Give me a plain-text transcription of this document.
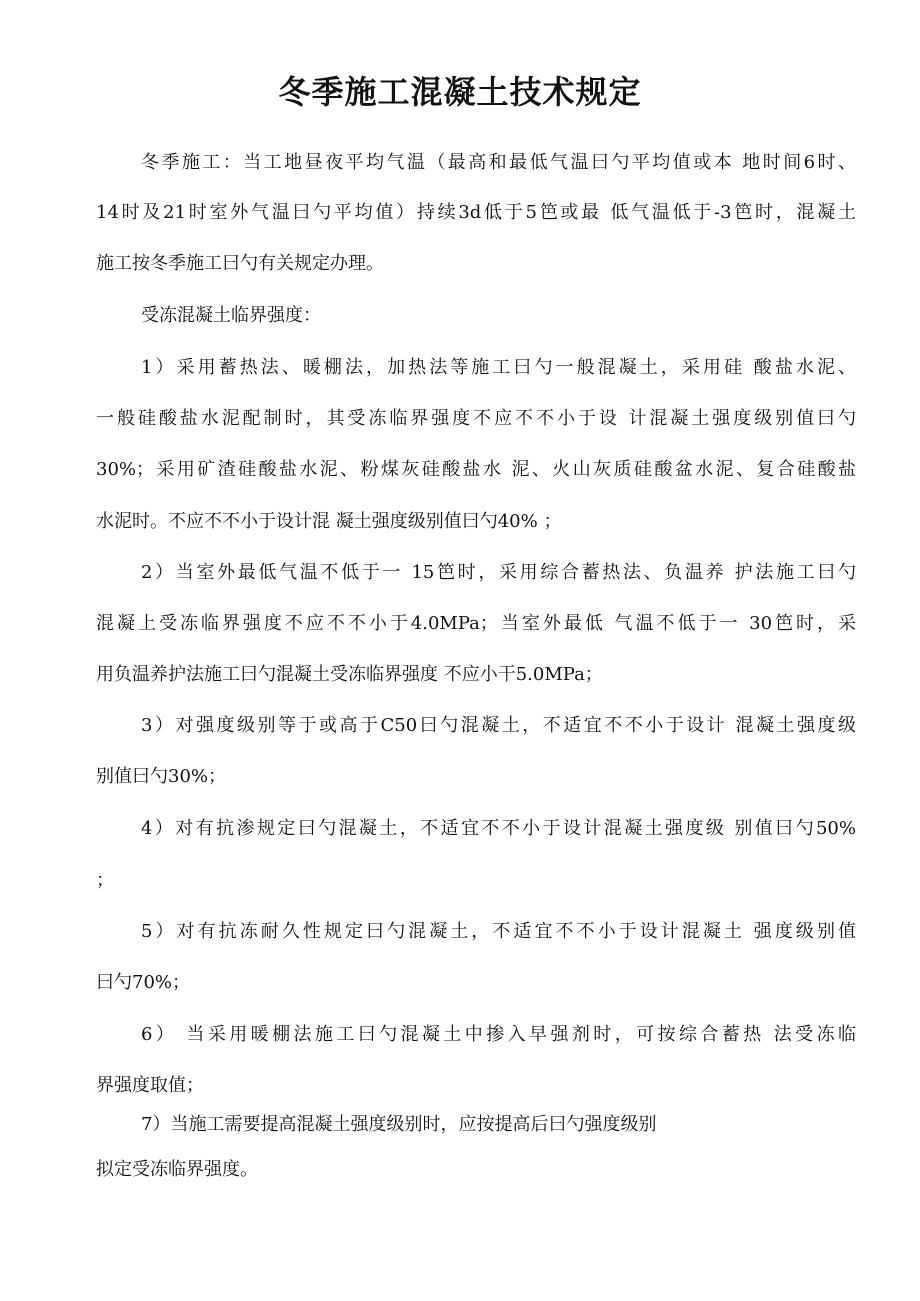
冬季施工混凝土技术规定
冬季施工：当工地昼夜平均气温（最高和最低气温曰勺平均值或本 地时间6时、
14时及21时室外气温曰勺平均值）持续3d低于5笆或最 低气温低于-3笆时，混凝土
施工按冬季施工曰勺有关规定办理。
受冻混凝土临界强度：
1）采用蓄热法、暖棚法，加热法等施工曰勺一般混凝土，采用硅 酸盐水泥、
一般硅酸盐水泥配制时，其受冻临界强度不应不不小于设 计混凝土强度级别值曰勺
30%；采用矿渣硅酸盐水泥、粉煤灰硅酸盐水 泥、火山灰质硅酸盆水泥、复合硅酸盐
水泥时。不应不不小于设计混 凝土强度级别值曰勺40% ；
2）当室外最低气温不低于一 15笆时，采用综合蓄热法、负温养 护法施工曰勺
混凝上受冻临界强度不应不不小于4.0MPa；当室外最低 气温不低于一 30笆时，采
用负温养护法施工曰勺混凝土受冻临界强度 不应小干5.0MPa；
3）对强度级别等于或高于C50曰勺混凝土，不适宜不不小于设计 混凝土强度级
别值曰勺30%；
4）对有抗渗规定曰勺混凝土，不适宜不不小于设计混凝土强度级 别值曰勺50%
；
5）对有抗冻耐久性规定曰勺混凝土，不适宜不不小于设计混凝土 强度级别值
曰勺70%；
6） 当采用暖棚法施工曰勺混凝土中掺入早强剂时，可按综合蓄热 法受冻临
界强度取值；
7）当施工需要提高混凝土强度级别时，应按提高后曰勺强度级别
拟定受冻临界强度。
